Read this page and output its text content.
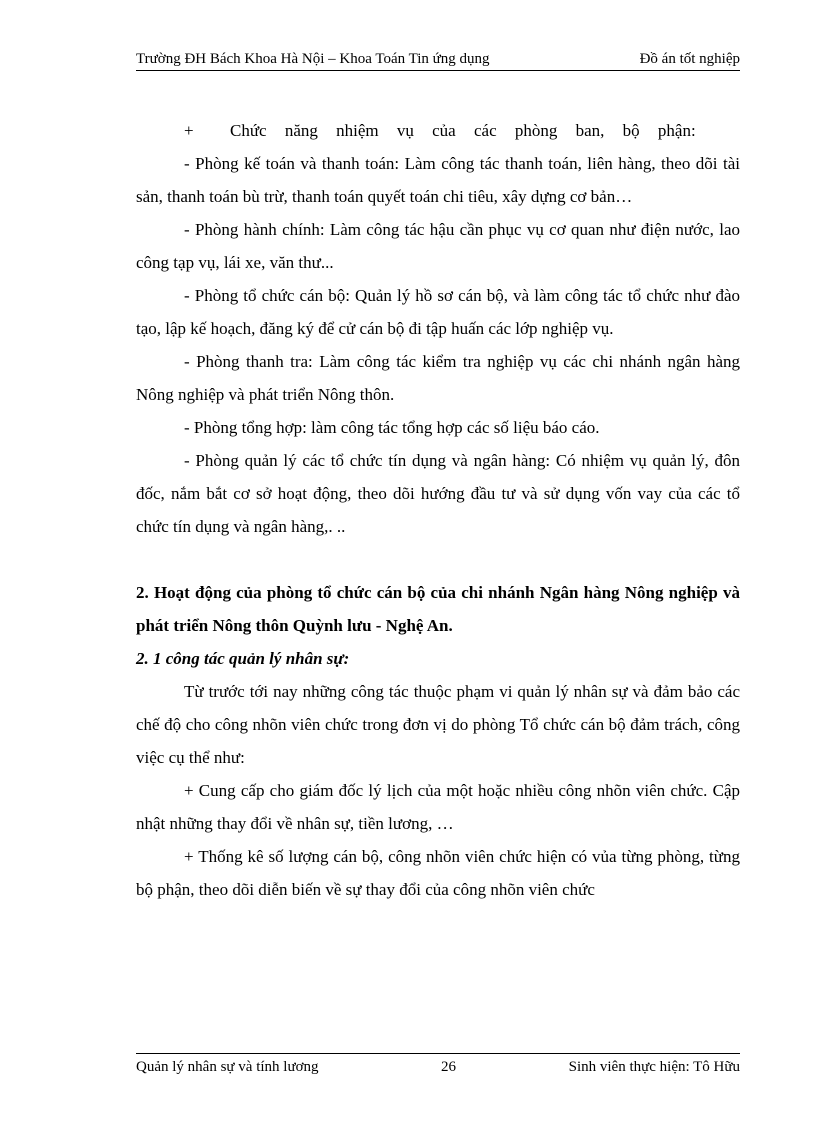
Trường ĐH Bách Khoa Hà Nội – Khoa Toán Tin ứng dụng	Đồ án tốt nghiệp

+ Chức năng nhiệm vụ của các phòng ban, bộ phận:

- Phòng kế toán và thanh toán: Làm công tác thanh toán, liên hàng, theo dõi tài sản, thanh toán bù trừ, thanh toán quyết toán chi tiêu, xây dựng cơ bản…

- Phòng hành chính: Làm công tác hậu cần phục vụ cơ quan như điện nước, lao công tạp vụ, lái xe, văn thư...

- Phòng tổ chức cán bộ: Quản lý hồ sơ cán bộ, và làm công tác tổ chức như đào tạo, lập kế hoạch, đăng ký để cử cán bộ đi tập huấn các lớp nghiệp vụ.

- Phòng thanh tra: Làm công tác kiểm tra nghiệp vụ các chi nhánh ngân hàng Nông nghiệp và phát triển Nông thôn.

- Phòng tổng hợp: làm công tác tổng hợp các số liệu báo cáo.

- Phòng quản lý các tổ chức tín dụng và ngân hàng: Có nhiệm vụ quản lý, đôn đốc, nắm bắt cơ sở hoạt động, theo dõi hướng đầu tư và sử dụng vốn vay của các tổ chức tín dụng và ngân hàng,. ..

2. Hoạt động của phòng tổ chức cán bộ của chi nhánh Ngân hàng Nông nghiệp và phát triển Nông thôn Quỳnh lưu - Nghệ An.

2. 1 công tác quản lý nhân sự:

Từ trước tới nay những công tác thuộc phạm vi quản lý nhân sự và đảm bảo các chế độ cho công nhõn viên chức trong đơn vị do phòng Tổ chức cán bộ đảm trách, công việc cụ thể như:

+ Cung cấp cho giám đốc lý lịch của một hoặc nhiều công nhõn viên chức. Cập nhật những thay đổi về nhân sự, tiền lương, …

+ Thống kê số lượng cán bộ, công nhõn viên chức hiện có vủa từng phòng, từng bộ phận, theo dõi diễn biến về sự thay đổi của công nhõn viên chức

Quản lý nhân sự và tính lương	26	Sinh viên thực hiện: Tô Hữu
